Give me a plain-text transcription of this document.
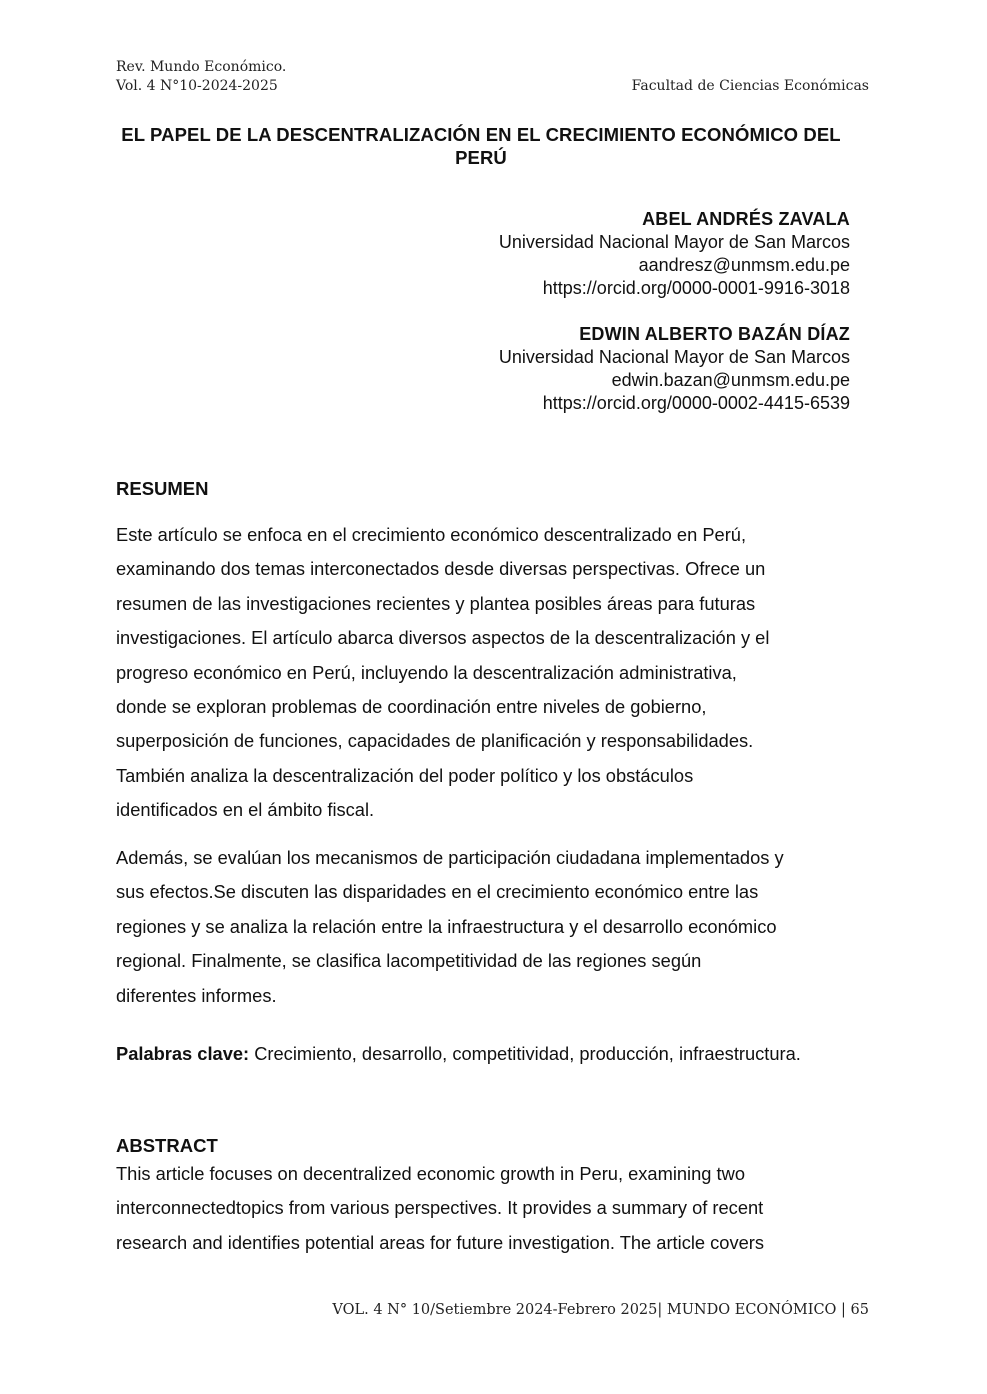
Rev. Mundo Económico.
Vol. 4 N°10-2024-2025	Facultad de Ciencias Económicas
EL PAPEL DE LA DESCENTRALIZACIÓN EN EL CRECIMIENTO ECONÓMICO DEL PERÚ
ABEL ANDRÉS ZAVALA
Universidad Nacional Mayor de San Marcos
aandresz@unmsm.edu.pe
https://orcid.org/0000-0001-9916-3018
EDWIN ALBERTO BAZÁN DÍAZ
Universidad Nacional Mayor de San Marcos
edwin.bazan@unmsm.edu.pe
https://orcid.org/0000-0002-4415-6539
RESUMEN
Este artículo se enfoca en el crecimiento económico descentralizado en Perú,
examinando dos temas interconectados desde diversas perspectivas. Ofrece un
resumen de las investigaciones recientes y plantea posibles áreas para futuras
investigaciones. El artículo abarca diversos aspectos de la descentralización y el
progreso económico en Perú, incluyendo la descentralización administrativa,
donde se exploran problemas de coordinación entre niveles de gobierno,
superposición de funciones, capacidades de planificación y responsabilidades.
También analiza la descentralización del poder político y los obstáculos
identificados en el ámbito fiscal.
Además, se evalúan los mecanismos de participación ciudadana implementados y
sus efectos.Se discuten las disparidades en el crecimiento económico entre las
regiones y se analiza la relación entre la infraestructura y el desarrollo económico
regional. Finalmente, se clasifica lacompetitividad de las regiones según
diferentes informes.
Palabras clave: Crecimiento, desarrollo, competitividad, producción, infraestructura.
ABSTRACT
This article focuses on decentralized economic growth in Peru, examining two
interconnectedtopics from various perspectives. It provides a summary of recent
research and identifies potential areas for future investigation. The article covers
VOL. 4 N° 10/Setiembre 2024-Febrero 2025| MUNDO ECONÓMICO | 65
